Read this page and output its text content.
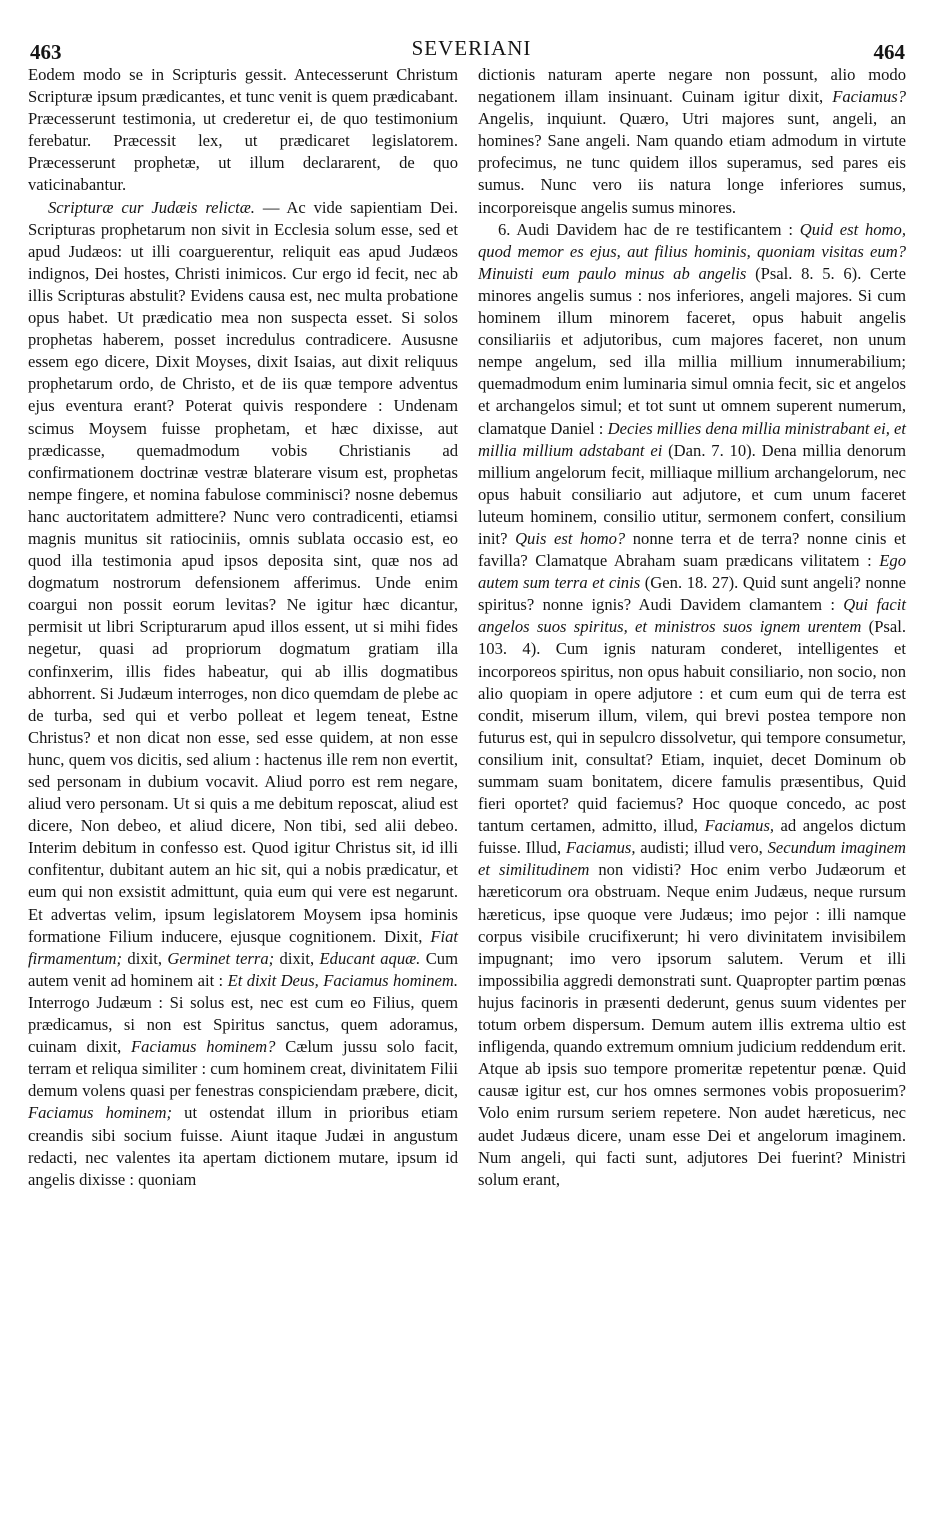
463	SEVERIANI	464

Eodem modo se in Scripturis gessit. Antecesserunt Christum Scripturæ ipsum prædicantes, et tunc venit is quem prædicabant. Præcesserunt testimonia, ut crederetur ei, de quo testimonium ferebatur. Præcessit lex, ut prædicaret legislatorem. Præcesserunt prophetæ, ut illum declararent, de quo vaticinabantur.

Scripturæ cur Judæis relictæ. — Ac vide sapientiam Dei. Scripturas prophetarum non sivit in Ecclesia solum esse, sed et apud Judæos: ut illi coarguerentur, reliquit eas apud Judæos indignos, Dei hostes, Christi inimicos. Cur ergo id fecit, nec ab illis Scripturas abstulit? Evidens causa est, nec multa probatione opus habet. Ut prædicatio mea non suspecta esset. Si solos prophetas haberem, posset incredulus contradicere. Aususne essem ego dicere, Dixit Moyses, dixit Isaias, aut dixit reliquus prophetarum ordo, de Christo, et de iis quæ tempore adventus ejus eventura erant? Poterat quivis respondere : Undenam scimus Moysem fuisse prophetam, et hæc dixisse, aut prædicasse, quemadmodum vobis Christianis ad confirmationem doctrinæ vestræ blaterare visum est, prophetas nempe fingere, et nomina fabulose comminisci? nosne debemus hanc auctoritatem admittere? Nunc vero contradicenti, etiamsi magnis munitus sit ratiociniis, omnis sublata occasio est, eo quod illa testimonia apud ipsos deposita sint, quæ nos ad dogmatum nostrorum defensionem afferimus. Unde enim coargui non possit eorum levitas? Ne igitur hæc dicantur, permisit ut libri Scripturarum apud illos essent, ut si mihi fides negetur, quasi ad propriorum dogmatum gratiam illa confinxerim, illis fides habeatur, qui ab illis dogmatibus abhorrent. Si Judæum interroges, non dico quemdam de plebe ac de turba, sed qui et verbo polleat et legem teneat, Estne Christus? et non dicat non esse, sed esse quidem, at non esse hunc, quem vos dicitis, sed alium : hactenus ille rem non evertit, sed personam in dubium vocavit. Aliud porro est rem negare, aliud vero personam. Ut si quis a me debitum reposcat, aliud est dicere, Non debeo, et aliud dicere, Non tibi, sed alii debeo. Interim debitum in confesso est. Quod igitur Christus sit, id illi confitentur, dubitant autem an hic sit, qui a nobis prædicatur, et eum qui non exsistit admittunt, quia eum qui vere est negarunt. Et advertas velim, ipsum legislatorem Moysem ipsa hominis formatione Filium inducere, ejusque cognitionem. Dixit, Fiat firmamentum; dixit, Germinet terra; dixit, Educant aquæ. Cum autem venit ad hominem ait : Et dixit Deus, Faciamus hominem. Interrogo Judæum : Si solus est, nec est cum eo Filius, quem prædicamus, si non est Spiritus sanctus, quem adoramus, cuinam dixit, Faciamus hominem? Cælum jussu solo facit, terram et reliqua similiter : cum hominem creat, divinitatem Filii demum volens quasi per fenestras conspiciendam præbere, dicit, Faciamus hominem; ut ostendat illum in prioribus etiam creandis sibi socium fuisse. Aiunt itaque Judæi in angustum redacti, nec valentes ita apertam dictionem mutare, ipsum id angelis dixisse : quoniam

dictionis naturam aperte negare non possunt, alio modo negationem illam insinuant. Cuinam igitur dixit, Faciamus? Angelis, inquiunt. Quæro, Utri majores sunt, angeli, an homines? Sane angeli. Nam quando etiam admodum in virtute profecimus, ne tunc quidem illos superamus, sed pares eis sumus. Nunc vero iis natura longe inferiores sumus, incorporeisque angelis sumus minores.

6. Audi Davidem hac de re testificantem : Quid est homo, quod memor es ejus, aut filius hominis, quoniam visitas eum? Minuisti eum paulo minus ab angelis (Psal. 8. 5. 6). Certe minores angelis sumus : nos inferiores, angeli majores. Si cum hominem illum minorem faceret, opus habuit angelis consiliariis et adjutoribus, cum majores faceret, non unum nempe angelum, sed illa millia millium innumerabilium; quemadmodum enim luminaria simul omnia fecit, sic et angelos et archangelos simul; et tot sunt ut omnem superent numerum, clamatque Daniel : Decies millies dena millia ministrabant ei, et millia millium adstabant ei (Dan. 7. 10). Dena millia denorum millium angelorum fecit, milliaque millium archangelorum, nec opus habuit consiliario aut adjutore, et cum unum faceret luteum hominem, consilio utitur, sermonem confert, consilium init? Quis est homo? nonne terra et de terra? nonne cinis et favilla? Clamatque Abraham suam prædicans vilitatem : Ego autem sum terra et cinis (Gen. 18. 27). Quid sunt angeli? nonne spiritus? nonne ignis? Audi Davidem clamantem : Qui facit angelos suos spiritus, et ministros suos ignem urentem (Psal. 103. 4). Cum ignis naturam conderet, intelligentes et incorporeos spiritus, non opus habuit consiliario, non socio, non alio quopiam in opere adjutore : et cum eum qui de terra est condit, miserum illum, vilem, qui brevi postea tempore non futurus est, qui in sepulcro dissolvetur, qui tempore consumetur, consilium init, consultat? Etiam, inquiet, decet Dominum ob summam suam bonitatem, dicere famulis præsentibus, Quid fieri oportet? quid faciemus? Hoc quoque concedo, ac post tantum certamen, admitto, illud, Faciamus, ad angelos dictum fuisse. Illud, Faciamus, audisti; illud vero, Secundum imaginem et similitudinem non vidisti? Hoc enim verbo Judæorum et hæreticorum ora obstruam. Neque enim Judæus, neque rursum hæreticus, ipse quoque vere Judæus; imo pejor : illi namque corpus visibile crucifixerunt; hi vero divinitatem invisibilem impugnant; imo vero ipsorum salutem. Verum et illi impossibilia aggredi demonstrati sunt. Quapropter partim pœnas hujus facinoris in præsenti dederunt, genus suum videntes per totum orbem dispersum. Demum autem illis extrema ultio est infligenda, quando extremum omnium judicium reddendum erit. Atque ab ipsis suo tempore promeritæ repetentur pœnæ. Quid causæ igitur est, cur hos omnes sermones vobis proposuerim? Volo enim rursum seriem repetere. Non audet hæreticus, nec audet Judæus dicere, unam esse Dei et angelorum imaginem. Num angeli, qui facti sunt, adjutores Dei fuerint? Ministri solum erant,
